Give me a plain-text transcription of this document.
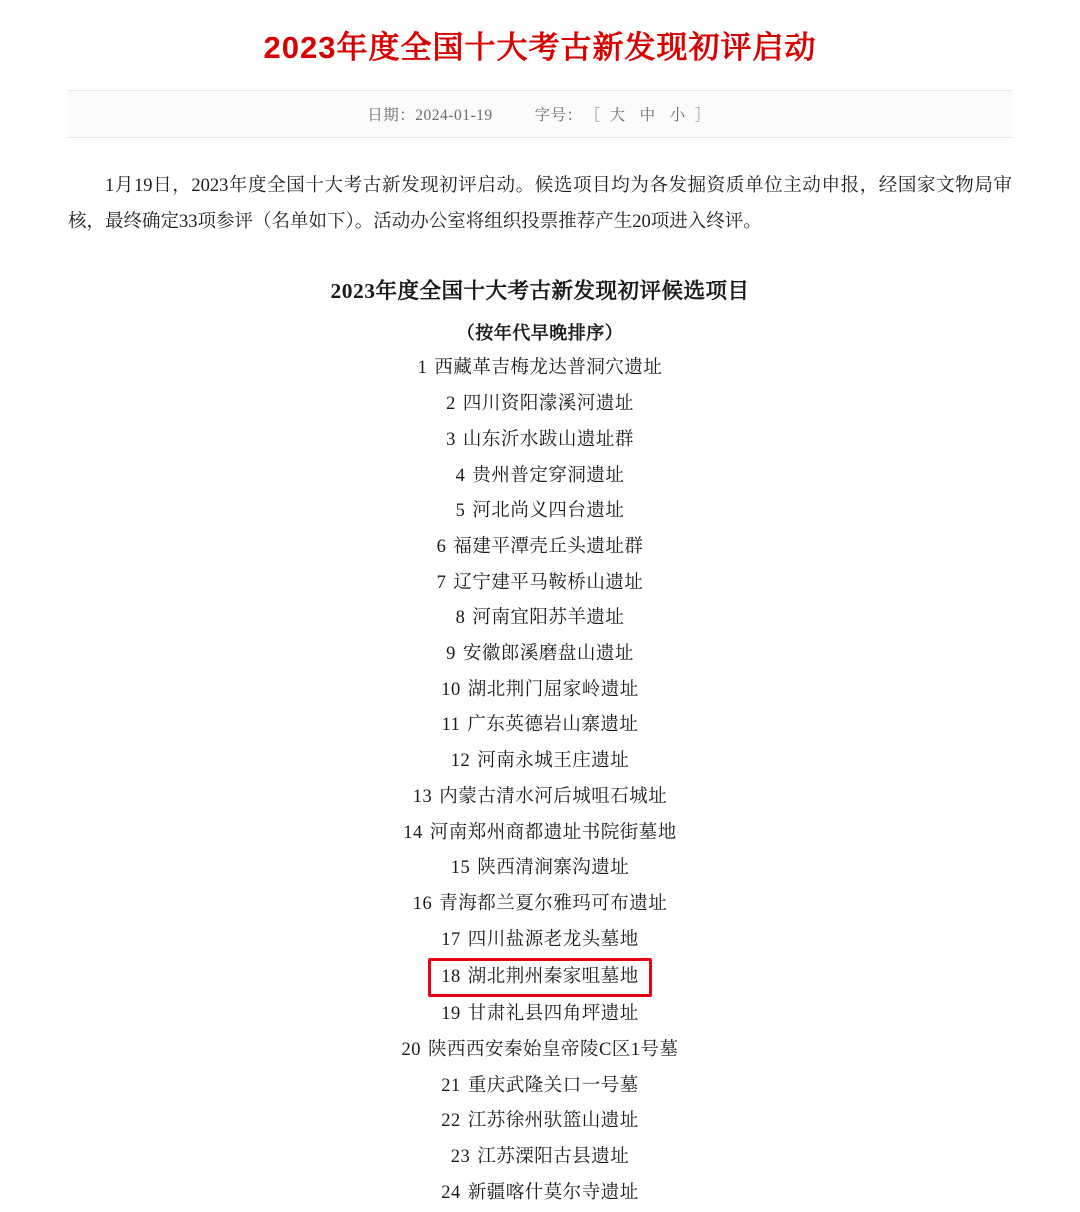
2023年度全国十大考古新发现初评启动
日期：2024-01-19	字号： ［ 大 中 小 ］

1月19日，2023年度全国十大考古新发现初评启动。候选项目均为各发掘资质单位主动申报，经国家文物局审核，最终确定33项参评（名单如下）。活动办公室将组织投票推荐产生20项进入终评。

2023年度全国十大考古新发现初评候选项目
（按年代早晚排序）
1 西藏革吉梅龙达普洞穴遗址
2 四川资阳濛溪河遗址
3 山东沂水跋山遗址群
4 贵州普定穿洞遗址
5 河北尚义四台遗址
6 福建平潭壳丘头遗址群
7 辽宁建平马鞍桥山遗址
8 河南宜阳苏羊遗址
9 安徽郎溪磨盘山遗址
10 湖北荆门屈家岭遗址
11 广东英德岩山寨遗址
12 河南永城王庄遗址
13 内蒙古清水河后城咀石城址
14 河南郑州商都遗址书院街墓地
15 陕西清涧寨沟遗址
16 青海都兰夏尔雅玛可布遗址
17 四川盐源老龙头墓地
18 湖北荆州秦家咀墓地
19 甘肃礼县四角坪遗址
20 陕西西安秦始皇帝陵C区1号墓
21 重庆武隆关口一号墓
22 江苏徐州驮篮山遗址
23 江苏溧阳古县遗址
24 新疆喀什莫尔寺遗址
